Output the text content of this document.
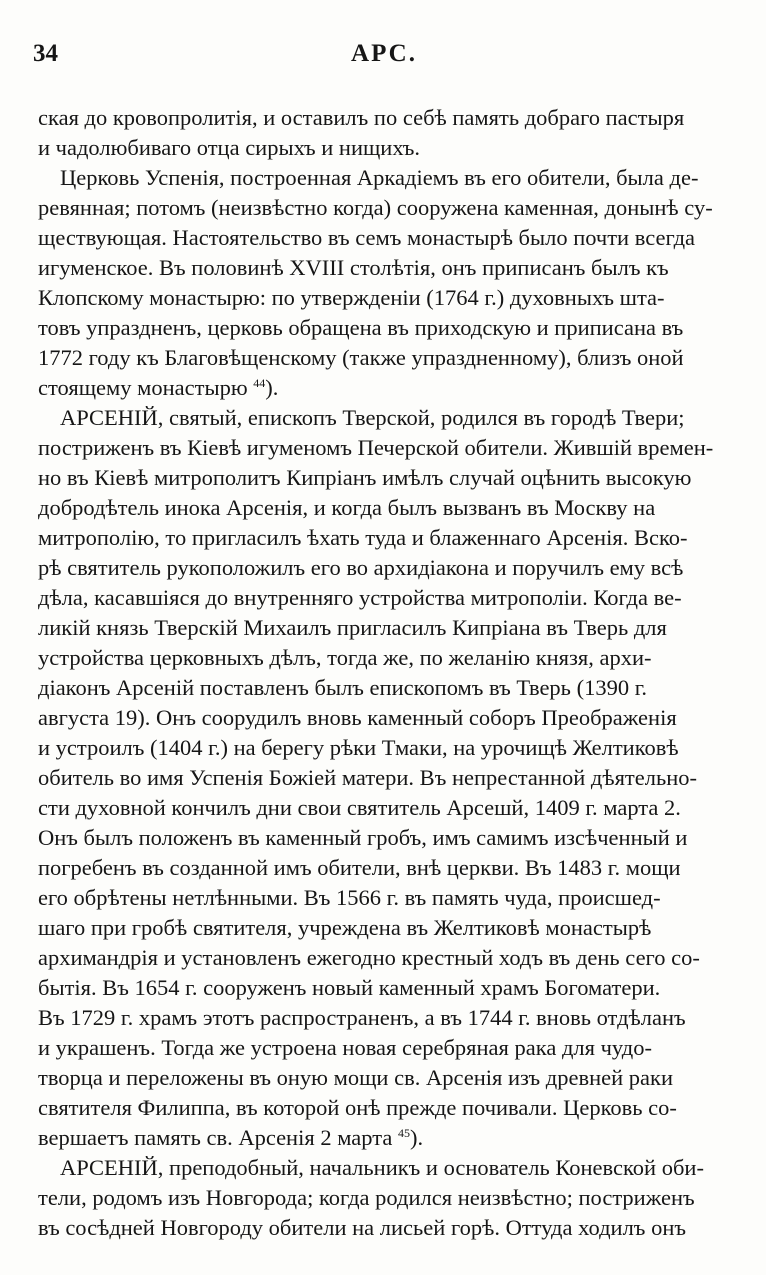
34	АРС.
ская до кровопролитія, и оставилъ по себѣ память добраго пастыря
и чадолюбиваго отца сирыхъ и нищихъ.
Церковь Успенія, построенная Аркадіемъ въ его обители, была де-
ревянная; потомъ (неизвѣстно когда) сооружена каменная, донынѣ су-
ществующая. Настоятельство въ семъ монастырѣ было почти всегда
игуменское. Въ половинѣ XVIII столѣтія, онъ приписанъ былъ къ
Клопскому монастырю: по утвержденіи (1764 г.) духовныхъ шта-
товъ упраздненъ, церковь обращена въ приходскую и приписана въ
1772 году къ Благовѣщенскому (также упраздненному), близъ оной
стоящему монастырю $^{44}$).
АРСЕНІЙ, святый, епископъ Тверской, родился въ городѣ Твери;
постриженъ въ Кіевѣ игуменомъ Печерской обители. Жившій времен-
но въ Кіевѣ митрополитъ Кипріанъ имѣлъ случай оцѣнить высокую
добродѣтель инока Арсенія, и когда былъ вызванъ въ Москву на
митрополію, то пригласилъ ѣхать туда и блаженнаго Арсенія. Вско-
рѣ святитель рукоположилъ его во архидіакона и поручилъ ему всѣ
дѣла, касавшіяся до внутренняго устройства митрополіи. Когда ве-
ликій князь Тверскій Михаилъ пригласилъ Кипріана въ Тверь для
устройства церковныхъ дѣлъ, тогда же, по желанію князя, архи-
діаконъ Арсеній поставленъ былъ епископомъ въ Тверь (1390 г.
августа 19). Онъ соорудилъ вновь каменный соборъ Преображенія
и устроилъ (1404 г.) на берегу рѣки Тмаки, на урочищѣ Желтиковѣ
обитель во имя Успенія Божіей матери. Въ непрестанной дѣятельно-
сти духовной кончилъ дни свои святитель Арсешй, 1409 г. марта 2.
Онъ былъ положенъ въ каменный гробъ, имъ самимъ изсѣченный и
погребенъ въ созданной имъ обители, внѣ церкви. Въ 1483 г. мощи
его обрѣтены нетлѣнными. Въ 1566 г. въ память чуда, происшед-
шаго при гробѣ святителя, учреждена въ Желтиковѣ монастырѣ
архимандрія и установленъ ежегодно крестный ходъ въ день сего со-
бытія. Въ 1654 г. сооруженъ новый каменный храмъ Богоматери.
Въ 1729 г. храмъ этотъ распространенъ, а въ 1744 г. вновь отдѣланъ
и украшенъ. Тогда же устроена новая серебряная рака для чудо-
творца и переложены въ оную мощи св. Арсенія изъ древней раки
святителя Филиппа, въ которой онѣ прежде почивали. Церковь со-
вершаетъ память св. Арсенія 2 марта $^{45}$).
АРСЕНІЙ, преподобный, начальникъ и основатель Коневской оби-
тели, родомъ изъ Новгорода; когда родился неизвѣстно; постриженъ
въ сосѣдней Новгороду обители на лисьей горѣ. Оттуда ходилъ онъ
